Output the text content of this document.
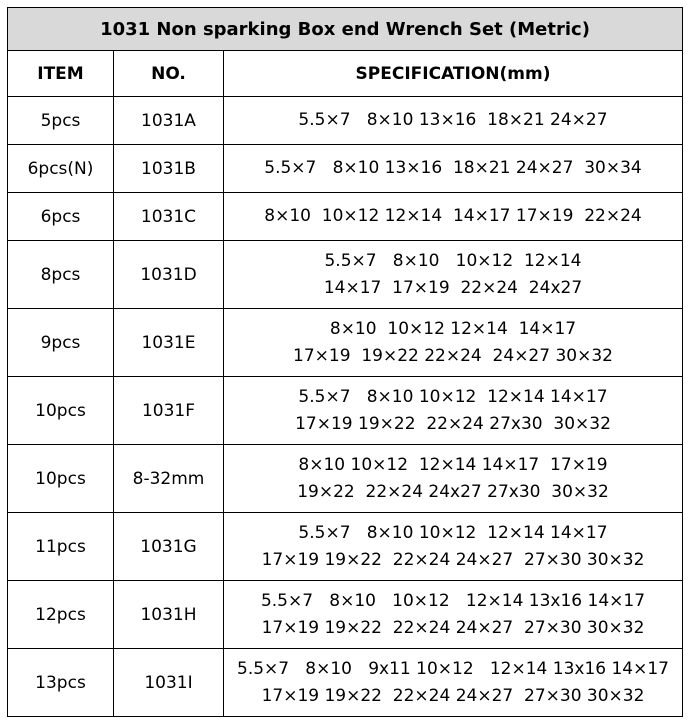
1031 Non sparking Box end Wrench Set (Metric)		
ITEM	NO.	SPECIFICATION(mm)
5pcs	1031A	5.5×7   8×10 13×16  18×21 24×27

6pcs(N)	1031B	5.5×7   8×10 13×16  18×21 24×27  30×34

6pcs	1031C	8×10  10×12 12×14  14×17 17×19  22×24

8pcs	1031D	5.5×7   8×10   10×12  12×14
14×17  17×19  22×24  24x27

9pcs	1031E	8×10  10×12 12×14  14×17
17×19  19×22 22×24  24×27 30×32

10pcs	1031F	5.5×7   8×10 10×12  12×14 14×17
17×19 19×22  22×24 27x30  30×32

10pcs	8-32mm	8×10 10×12  12×14 14×17  17×19
19×22  22×24 24x27 27x30  30×32

11pcs	1031G	5.5×7   8×10 10×12  12×14 14×17
17×19 19×22  22×24 24×27  27×30 30×32

12pcs	1031H	5.5×7   8×10   10×12   12×14 13x16 14×17
17×19 19×22  22×24 24×27  27×30 30×32

13pcs	1031I	5.5×7   8×10   9x11 10×12   12×14 13x16 14×17
17×19 19×22  22×24 24×27  27×30 30×32
